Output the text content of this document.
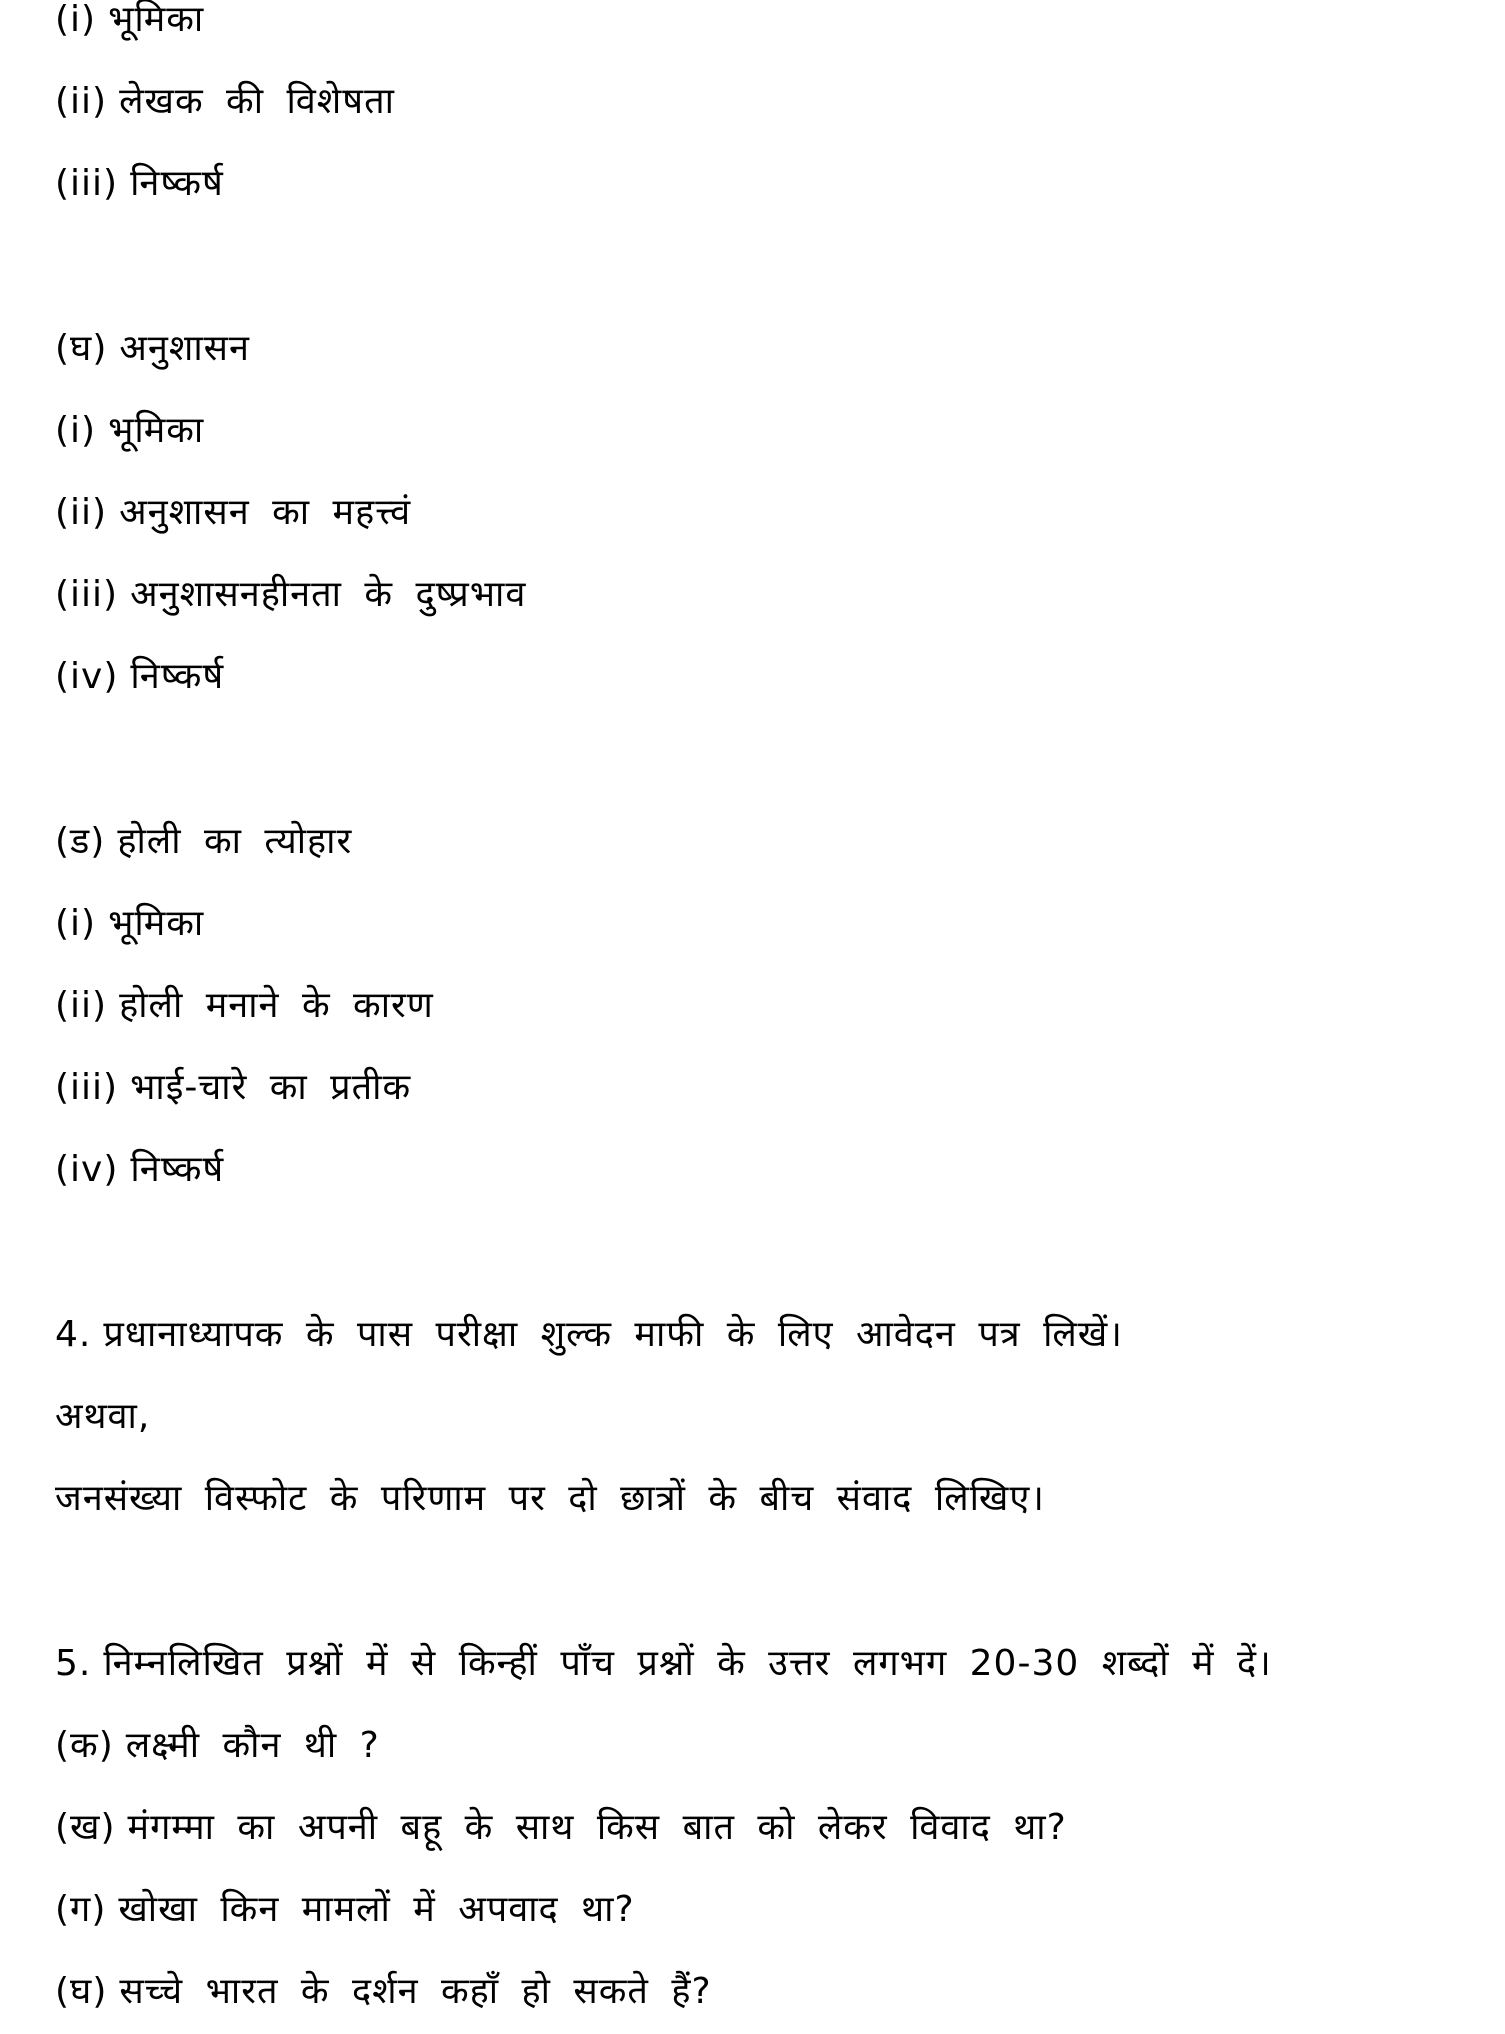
(i) भूमिका
(ii) लेखक की विशेषता
(iii) निष्कर्ष
(घ) अनुशासन
(i) भूमिका
(ii) अनुशासन का महत्त्वं
(iii) अनुशासनहीनता के दुष्प्रभाव
(iv) निष्कर्ष
(ड) होली का त्योहार
(i) भूमिका
(ii) होली मनाने के कारण
(iii) भाई-चारे का प्रतीक
(iv) निष्कर्ष
4. प्रधानाध्यापक के पास परीक्षा शुल्क माफी के लिए आवेदन पत्र लिखें।
अथवा,
जनसंख्या विस्फोट के परिणाम पर दो छात्रों के बीच संवाद लिखिए।
5. निम्नलिखित प्रश्नों में से किन्हीं पाँच प्रश्नों के उत्तर लगभग 20-30 शब्दों में दें।
(क) लक्ष्मी कौन थी ?
(ख) मंगम्मा का अपनी बहू के साथ किस बात को लेकर विवाद था?
(ग) खोखा किन मामलों में अपवाद था?
(घ) सच्चे भारत के दर्शन कहाँ हो सकते हैं?
